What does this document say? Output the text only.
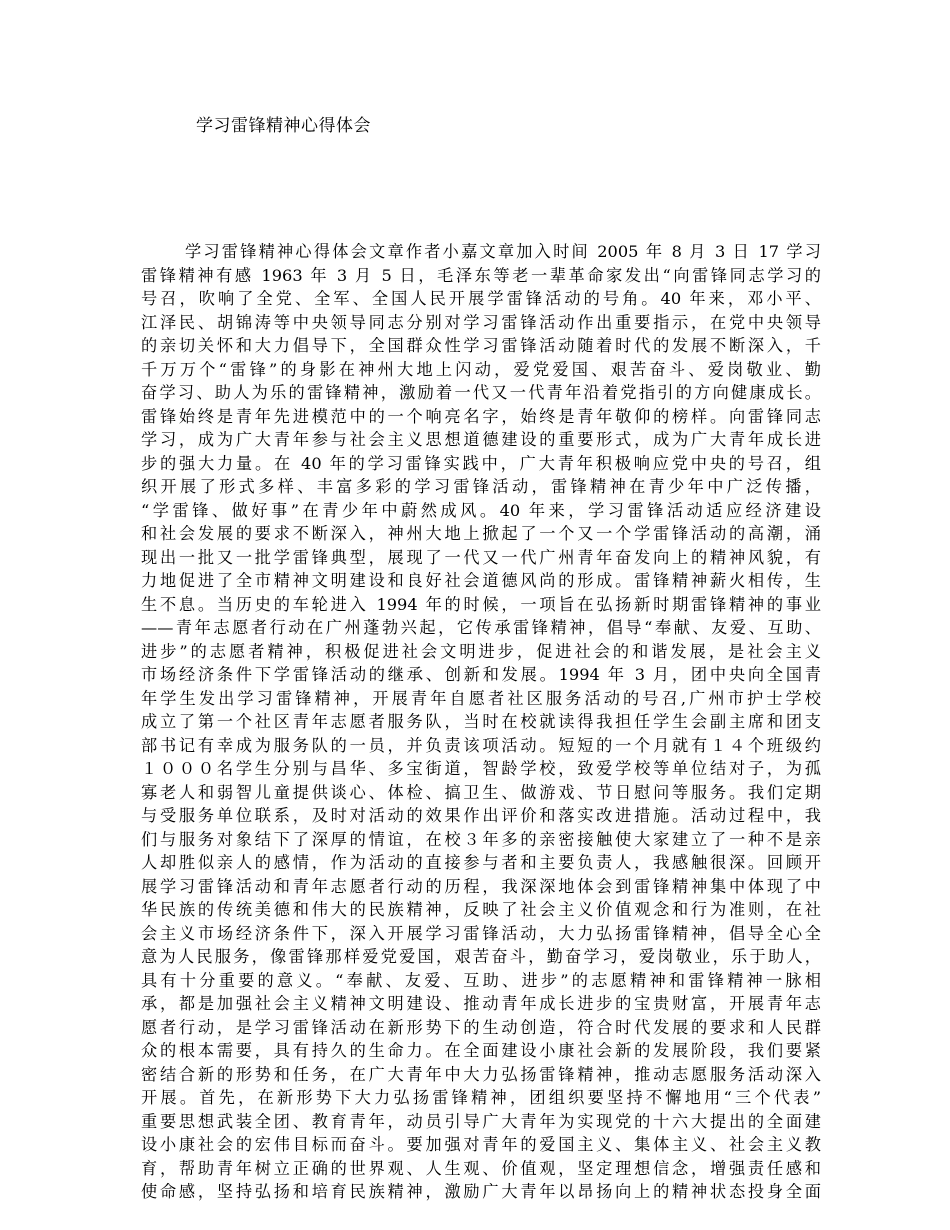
学习雷锋精神心得体会
学习雷锋精神心得体会文章作者小嘉文章加入时间 2005 年 8 月 3 日 17 学习
雷锋精神有感 1963 年 3 月 5 日，毛泽东等老一辈革命家发出“向雷锋同志学习的
号召，吹响了全党、全军、全国人民开展学雷锋活动的号角。40 年来，邓小平、
江泽民、胡锦涛等中央领导同志分别对学习雷锋活动作出重要指示，在党中央领导
的亲切关怀和大力倡导下，全国群众性学习雷锋活动随着时代的发展不断深入，千
千万万个“雷锋”的身影在神州大地上闪动，爱党爱国、艰苦奋斗、爱岗敬业、勤
奋学习、助人为乐的雷锋精神，激励着一代又一代青年沿着党指引的方向健康成长。
雷锋始终是青年先进模范中的一个响亮名字，始终是青年敬仰的榜样。向雷锋同志
学习，成为广大青年参与社会主义思想道德建设的重要形式，成为广大青年成长进
步的强大力量。在 40 年的学习雷锋实践中，广大青年积极响应党中央的号召，组
织开展了形式多样、丰富多彩的学习雷锋活动，雷锋精神在青少年中广泛传播，
“学雷锋、做好事”在青少年中蔚然成风。40 年来，学习雷锋活动适应经济建设
和社会发展的要求不断深入，神州大地上掀起了一个又一个学雷锋活动的高潮，涌
现出一批又一批学雷锋典型，展现了一代又一代广州青年奋发向上的精神风貌，有
力地促进了全市精神文明建设和良好社会道德风尚的形成。雷锋精神薪火相传，生
生不息。当历史的车轮进入 1994 年的时候，一项旨在弘扬新时期雷锋精神的事业
——青年志愿者行动在广州蓬勃兴起，它传承雷锋精神，倡导“奉献、友爱、互助、
进步”的志愿者精神，积极促进社会文明进步，促进社会的和谐发展，是社会主义
市场经济条件下学雷锋活动的继承、创新和发展。1994 年 3 月，团中央向全国青
年学生发出学习雷锋精神，开展青年自愿者社区服务活动的号召,广州市护士学校
成立了第一个社区青年志愿者服务队，当时在校就读得我担任学生会副主席和团支
部书记有幸成为服务队的一员，并负责该项活动。短短的一个月就有１４个班级约
１０００名学生分别与昌华、多宝街道，智龄学校，致爱学校等单位结对子，为孤
寡老人和弱智儿童提供谈心、体检、搞卫生、做游戏、节日慰问等服务。我们定期
与受服务单位联系，及时对活动的效果作出评价和落实改进措施。活动过程中，我
们与服务对象结下了深厚的情谊，在校３年多的亲密接触使大家建立了一种不是亲
人却胜似亲人的感情，作为活动的直接参与者和主要负责人，我感触很深。回顾开
展学习雷锋活动和青年志愿者行动的历程，我深深地体会到雷锋精神集中体现了中
华民族的传统美德和伟大的民族精神，反映了社会主义价值观念和行为准则，在社
会主义市场经济条件下，深入开展学习雷锋活动，大力弘扬雷锋精神，倡导全心全
意为人民服务，像雷锋那样爱党爱国，艰苦奋斗，勤奋学习，爱岗敬业，乐于助人，
具有十分重要的意义。“奉献、友爱、互助、进步”的志愿精神和雷锋精神一脉相
承，都是加强社会主义精神文明建设、推动青年成长进步的宝贵财富，开展青年志
愿者行动，是学习雷锋活动在新形势下的生动创造，符合时代发展的要求和人民群
众的根本需要，具有持久的生命力。在全面建设小康社会新的发展阶段，我们要紧
密结合新的形势和任务，在广大青年中大力弘扬雷锋精神，推动志愿服务活动深入
开展。首先，在新形势下大力弘扬雷锋精神，团组织要坚持不懈地用“三个代表”
重要思想武装全团、教育青年，动员引导广大青年为实现党的十六大提出的全面建
设小康社会的宏伟目标而奋斗。要加强对青年的爱国主义、集体主义、社会主义教
育，帮助青年树立正确的世界观、人生观、价值观，坚定理想信念，增强责任感和
使命感，坚持弘扬和培育民族精神，激励广大青年以昂扬向上的精神状态投身全面
